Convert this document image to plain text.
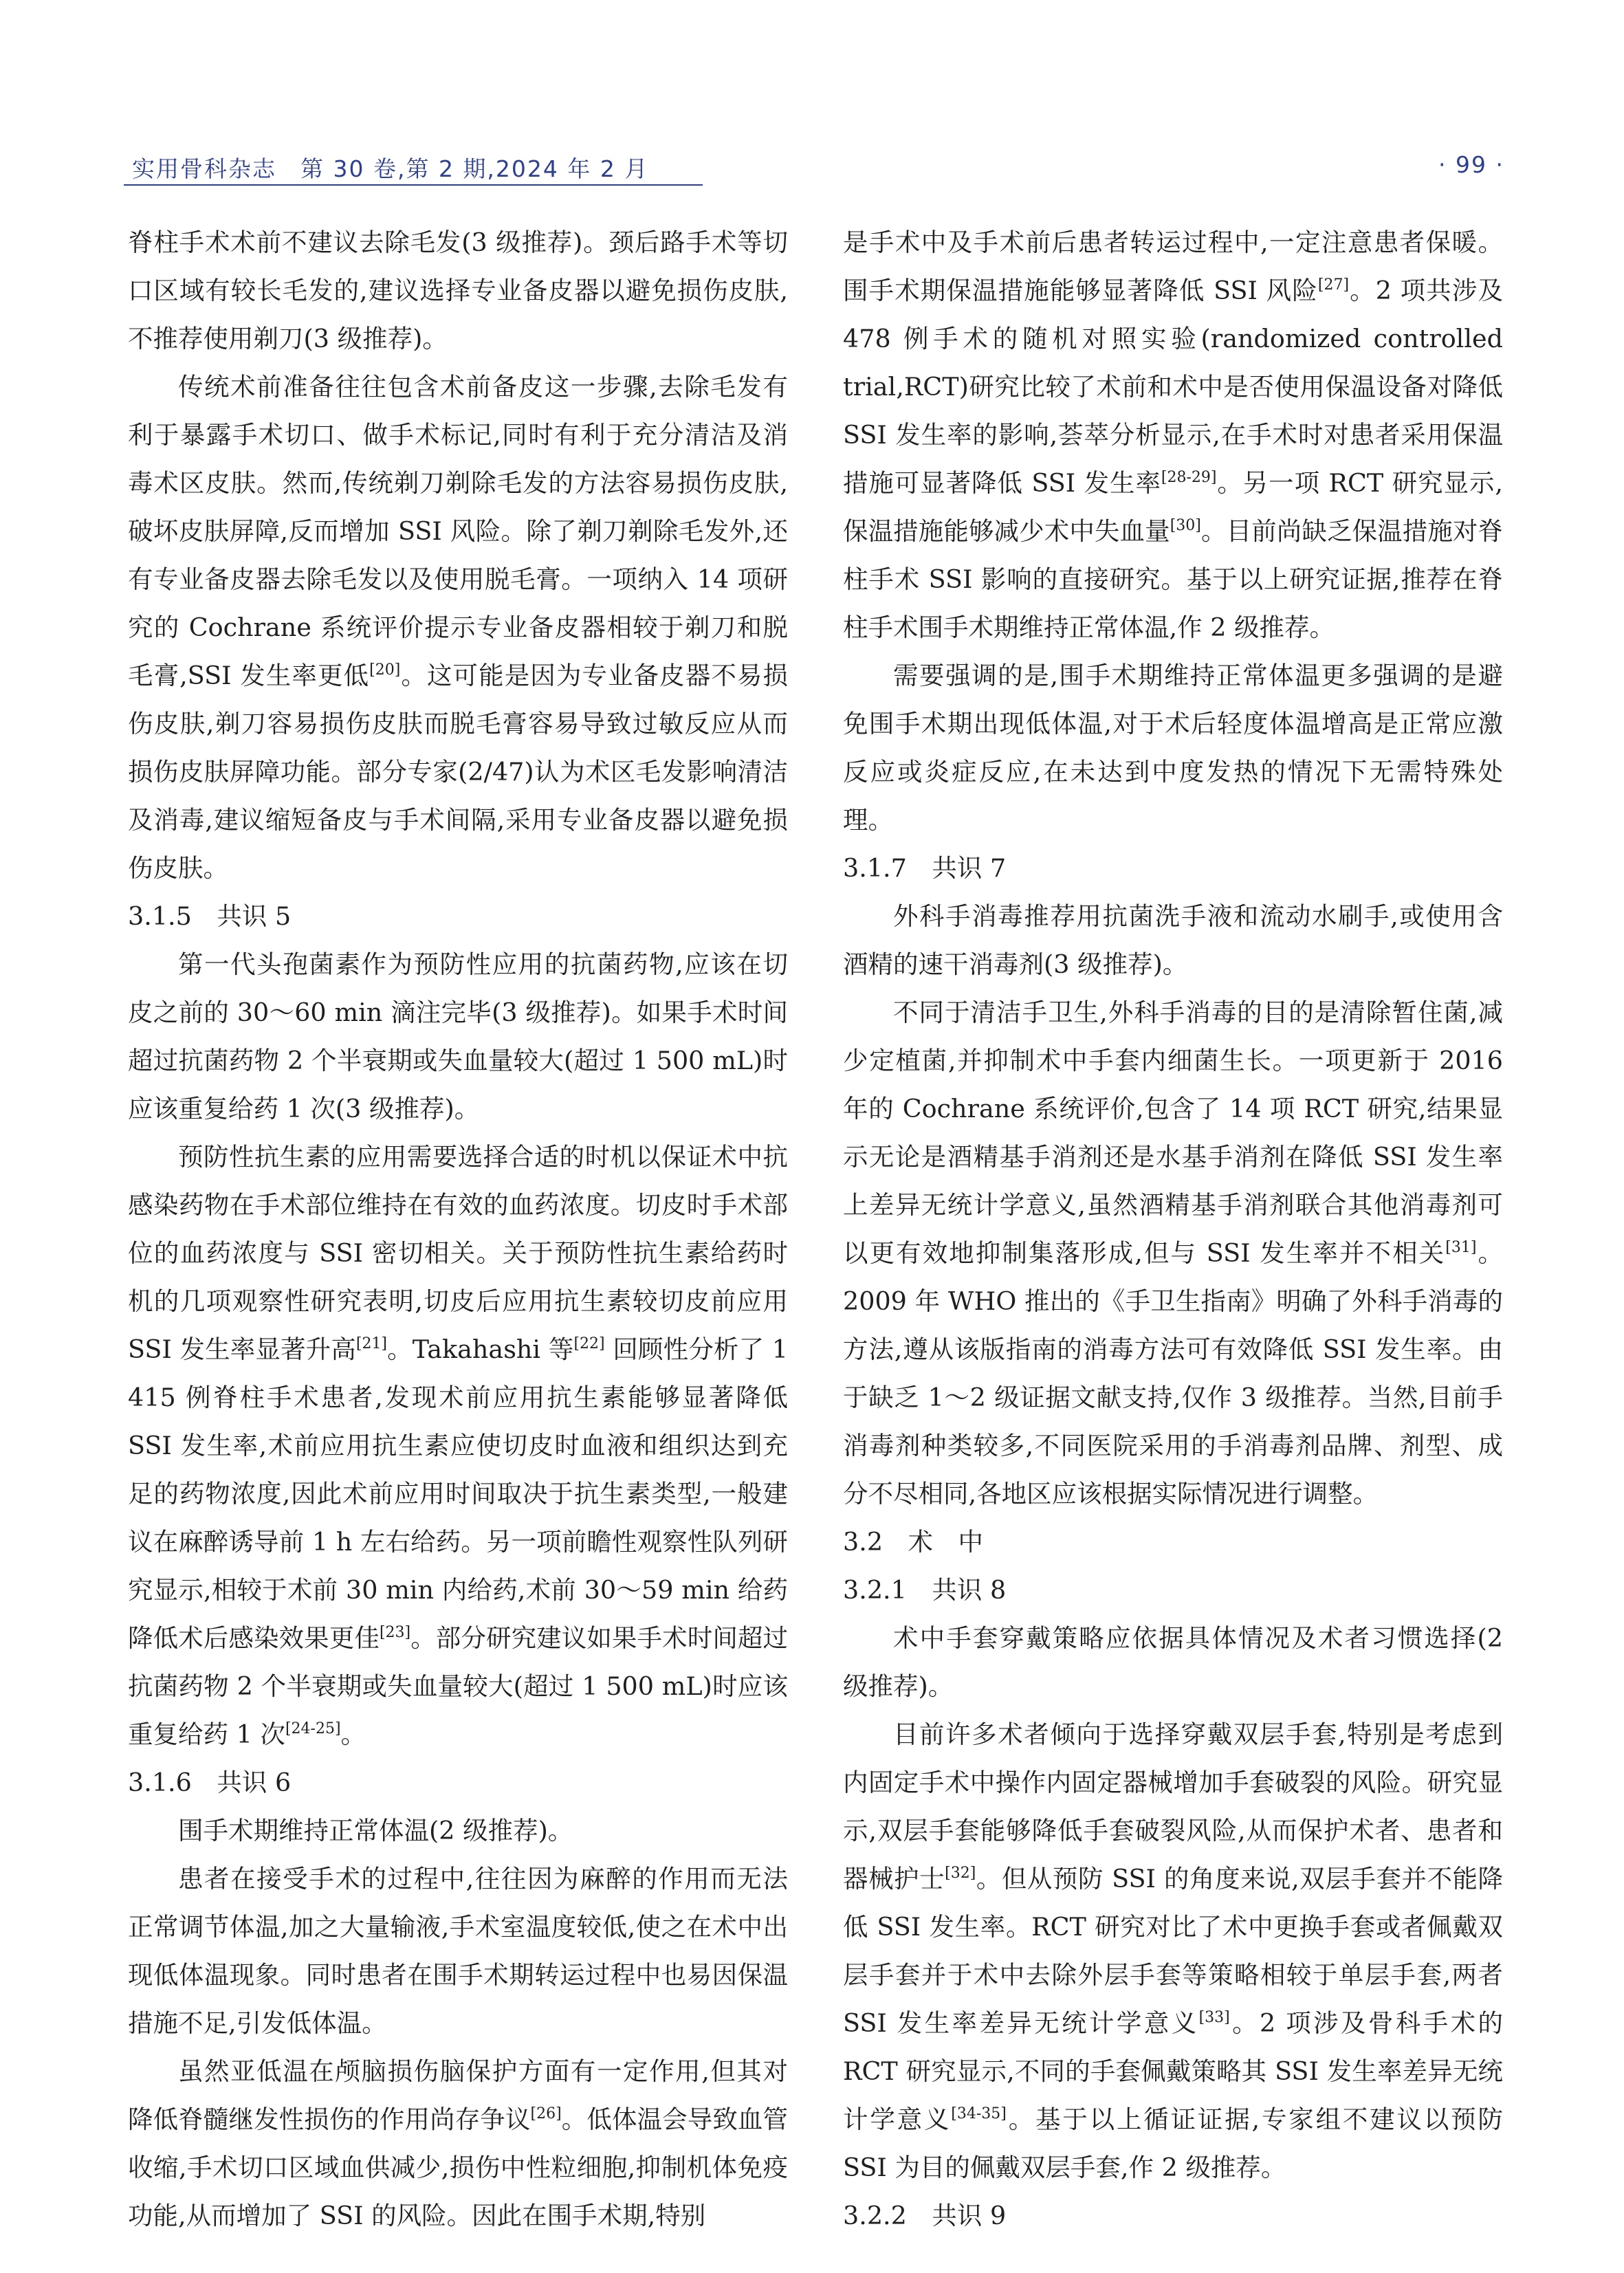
实用骨科杂志　第 30 卷,第 2 期,2024 年 2 月	· 99 ·

脊柱手术术前不建议去除毛发(3 级推荐)。颈后路手术等切口区域有较长毛发的,建议选择专业备皮器以避免损伤皮肤,不推荐使用剃刀(3 级推荐)。

传统术前准备往往包含术前备皮这一步骤,去除毛发有利于暴露手术切口、做手术标记,同时有利于充分清洁及消毒术区皮肤。然而,传统剃刀剃除毛发的方法容易损伤皮肤,破坏皮肤屏障,反而增加 SSI 风险。除了剃刀剃除毛发外,还有专业备皮器去除毛发以及使用脱毛膏。一项纳入 14 项研究的 Cochrane 系统评价提示专业备皮器相较于剃刀和脱毛膏,SSI 发生率更低[20]。这可能是因为专业备皮器不易损伤皮肤,剃刀容易损伤皮肤而脱毛膏容易导致过敏反应从而损伤皮肤屏障功能。部分专家(2/47)认为术区毛发影响清洁及消毒,建议缩短备皮与手术间隔,采用专业备皮器以避免损伤皮肤。

3.1.5　共识 5

第一代头孢菌素作为预防性应用的抗菌药物,应该在切皮之前的 30～60 min 滴注完毕(3 级推荐)。如果手术时间超过抗菌药物 2 个半衰期或失血量较大(超过 1 500 mL)时应该重复给药 1 次(3 级推荐)。

预防性抗生素的应用需要选择合适的时机以保证术中抗感染药物在手术部位维持在有效的血药浓度。切皮时手术部位的血药浓度与 SSI 密切相关。关于预防性抗生素给药时机的几项观察性研究表明,切皮后应用抗生素较切皮前应用 SSI 发生率显著升高[21]。Takahashi 等[22] 回顾性分析了 1 415 例脊柱手术患者,发现术前应用抗生素能够显著降低 SSI 发生率,术前应用抗生素应使切皮时血液和组织达到充足的药物浓度,因此术前应用时间取决于抗生素类型,一般建议在麻醉诱导前 1 h 左右给药。另一项前瞻性观察性队列研究显示,相较于术前 30 min 内给药,术前 30～59 min 给药降低术后感染效果更佳[23]。部分研究建议如果手术时间超过抗菌药物 2 个半衰期或失血量较大(超过 1 500 mL)时应该重复给药 1 次[24-25]。

3.1.6　共识 6

围手术期维持正常体温(2 级推荐)。

患者在接受手术的过程中,往往因为麻醉的作用而无法正常调节体温,加之大量输液,手术室温度较低,使之在术中出现低体温现象。同时患者在围手术期转运过程中也易因保温措施不足,引发低体温。

虽然亚低温在颅脑损伤脑保护方面有一定作用,但其对降低脊髓继发性损伤的作用尚存争议[26]。低体温会导致血管收缩,手术切口区域血供减少,损伤中性粒细胞,抑制机体免疫功能,从而增加了 SSI 的风险。因此在围手术期,特别

是手术中及手术前后患者转运过程中,一定注意患者保暖。围手术期保温措施能够显著降低 SSI 风险[27]。2 项共涉及 478 例手术的随机对照实验(randomized controlled trial,RCT)研究比较了术前和术中是否使用保温设备对降低 SSI 发生率的影响,荟萃分析显示,在手术时对患者采用保温措施可显著降低 SSI 发生率[28-29]。另一项 RCT 研究显示,保温措施能够减少术中失血量[30]。目前尚缺乏保温措施对脊柱手术 SSI 影响的直接研究。基于以上研究证据,推荐在脊柱手术围手术期维持正常体温,作 2 级推荐。

需要强调的是,围手术期维持正常体温更多强调的是避免围手术期出现低体温,对于术后轻度体温增高是正常应激反应或炎症反应,在未达到中度发热的情况下无需特殊处理。

3.1.7　共识 7

外科手消毒推荐用抗菌洗手液和流动水刷手,或使用含酒精的速干消毒剂(3 级推荐)。

不同于清洁手卫生,外科手消毒的目的是清除暂住菌,减少定植菌,并抑制术中手套内细菌生长。一项更新于 2016 年的 Cochrane 系统评价,包含了 14 项 RCT 研究,结果显示无论是酒精基手消剂还是水基手消剂在降低 SSI 发生率上差异无统计学意义,虽然酒精基手消剂联合其他消毒剂可以更有效地抑制集落形成,但与 SSI 发生率并不相关[31]。2009 年 WHO 推出的《手卫生指南》明确了外科手消毒的方法,遵从该版指南的消毒方法可有效降低 SSI 发生率。由于缺乏 1～2 级证据文献支持,仅作 3 级推荐。当然,目前手消毒剂种类较多,不同医院采用的手消毒剂品牌、剂型、成分不尽相同,各地区应该根据实际情况进行调整。

3.2　术　中

3.2.1　共识 8

术中手套穿戴策略应依据具体情况及术者习惯选择(2 级推荐)。

目前许多术者倾向于选择穿戴双层手套,特别是考虑到内固定手术中操作内固定器械增加手套破裂的风险。研究显示,双层手套能够降低手套破裂风险,从而保护术者、患者和器械护士[32]。但从预防 SSI 的角度来说,双层手套并不能降低 SSI 发生率。RCT 研究对比了术中更换手套或者佩戴双层手套并于术中去除外层手套等策略相较于单层手套,两者 SSI 发生率差异无统计学意义[33]。2 项涉及骨科手术的 RCT 研究显示,不同的手套佩戴策略其 SSI 发生率差异无统计学意义[34-35]。基于以上循证证据,专家组不建议以预防 SSI 为目的佩戴双层手套,作 2 级推荐。

3.2.2　共识 9
